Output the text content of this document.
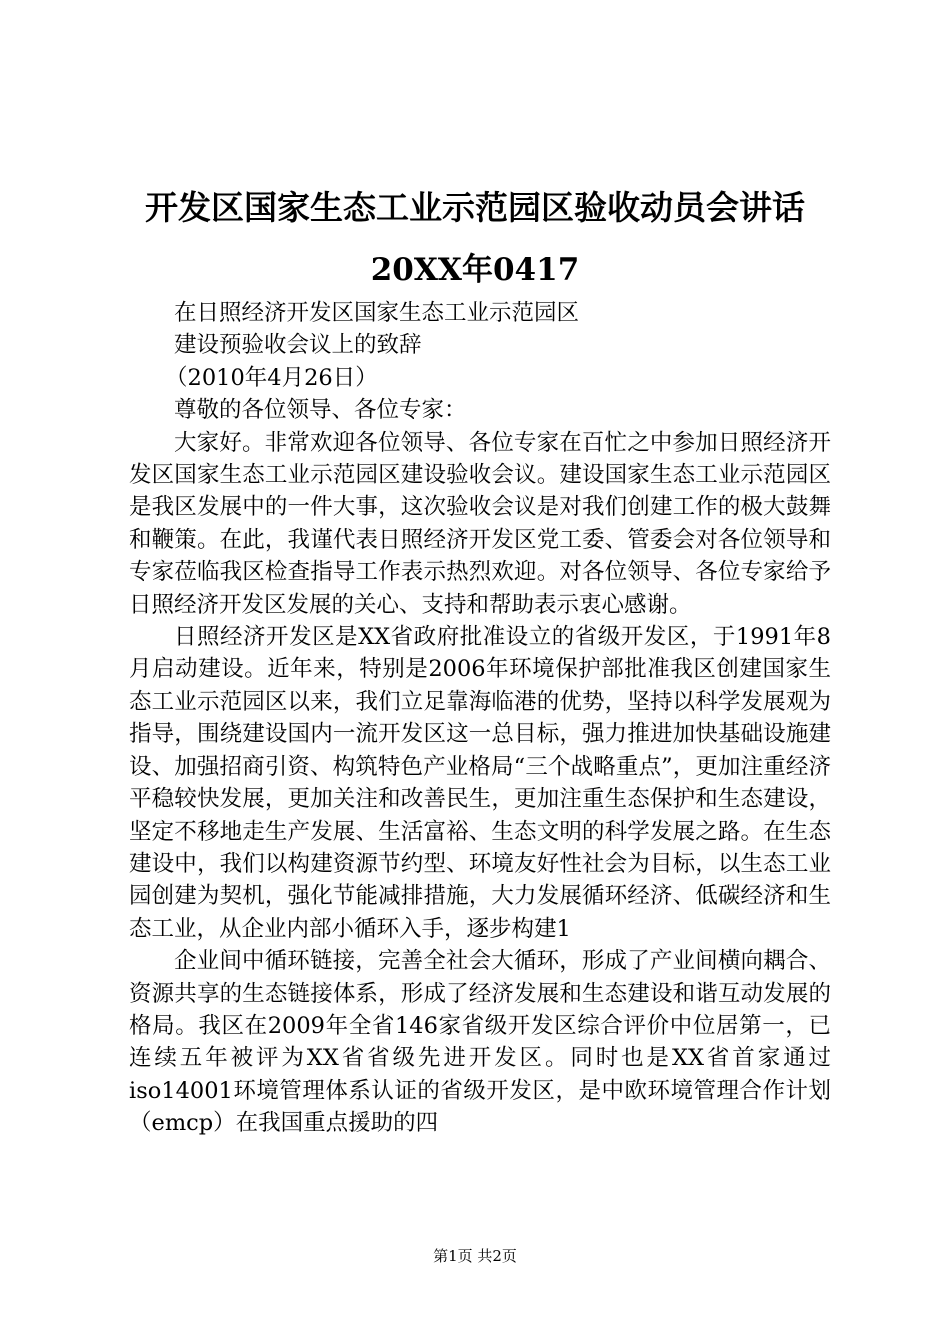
开发区国家生态工业示范园区验收动员会讲话
20XX年0417

在日照经济开发区国家生态工业示范园区

建设预验收会议上的致辞

（2010年4月26日）

尊敬的各位领导、各位专家：

大家好。非常欢迎各位领导、各位专家在百忙之中参加日照经济开发区国家生态工业示范园区建设验收会议。建设国家生态工业示范园区是我区发展中的一件大事，这次验收会议是对我们创建工作的极大鼓舞和鞭策。在此，我谨代表日照经济开发区党工委、管委会对各位领导和专家莅临我区检查指导工作表示热烈欢迎。对各位领导、各位专家给予日照经济开发区发展的关心、支持和帮助表示衷心感谢。

日照经济开发区是XX省政府批准设立的省级开发区，于1991年8月启动建设。近年来，特别是2006年环境保护部批准我区创建国家生态工业示范园区以来，我们立足靠海临港的优势，坚持以科学发展观为指导，围绕建设国内一流开发区这一总目标，强力推进加快基础设施建设、加强招商引资、构筑特色产业格局“三个战略重点”，更加注重经济平稳较快发展，更加关注和改善民生，更加注重生态保护和生态建设，坚定不移地走生产发展、生活富裕、生态文明的科学发展之路。在生态建设中，我们以构建资源节约型、环境友好性社会为目标，以生态工业园创建为契机，强化节能减排措施，大力发展循环经济、低碳经济和生态工业，从企业内部小循环入手，逐步构建1

企业间中循环链接，完善全社会大循环，形成了产业间横向耦合、资源共享的生态链接体系，形成了经济发展和生态建设和谐互动发展的格局。我区在2009年全省146家省级开发区综合评价中位居第一，已连续五年被评为XX省省级先进开发区。同时也是XX省首家通过iso14001环境管理体系认证的省级开发区，是中欧环境管理合作计划（emcp）在我国重点援助的四

第1页 共2页
